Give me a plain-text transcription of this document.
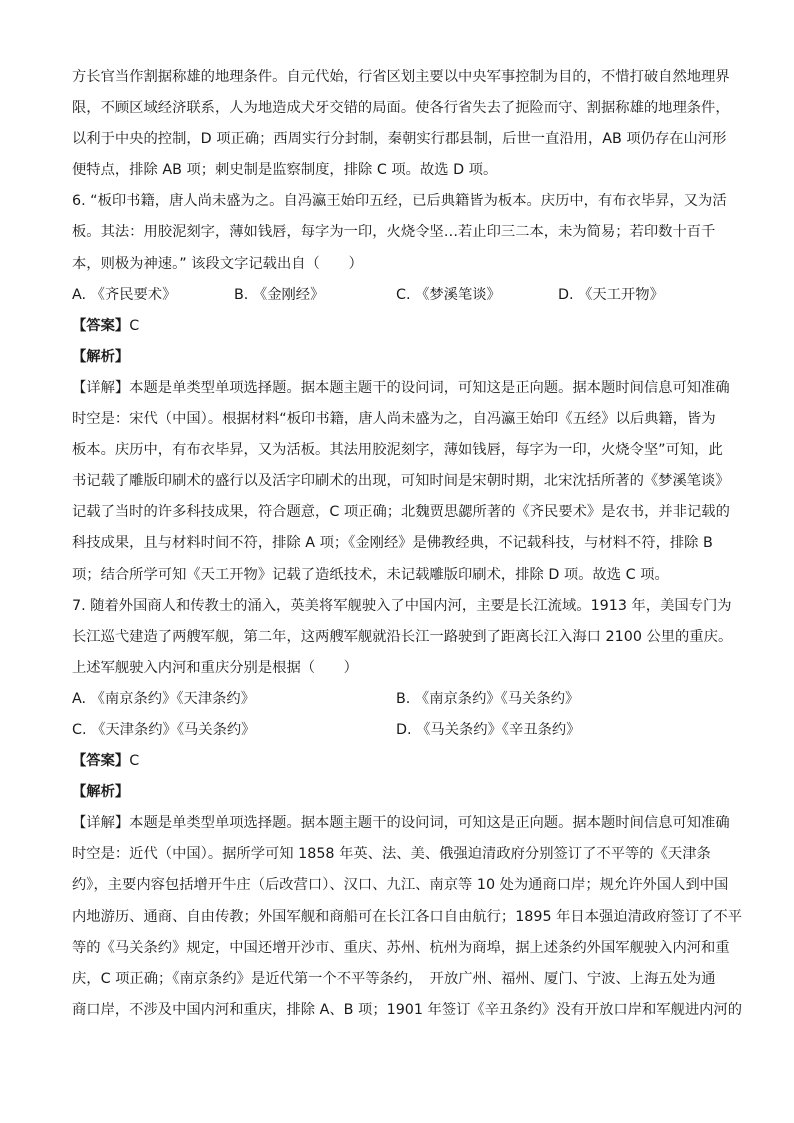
方长官当作割据称雄的地理条件。自元代始，行省区划主要以中央军事控制为目的，不惜打破自然地理界
限，不顾区域经济联系，人为地造成犬牙交错的局面。使各行省失去了扼险而守、割据称雄的地理条件，
以利于中央的控制，D 项正确；西周实行分封制，秦朝实行郡县制，后世一直沿用，AB 项仍存在山河形
便特点，排除 AB 项；刺史制是监察制度，排除 C 项。故选 D 项。
6. “板印书籍，唐人尚未盛为之。自冯瀛王始印五经，已后典籍皆为板本。庆历中，有布衣毕昇，又为活
板。其法：用胶泥刻字，薄如钱唇，每字为一印，火烧令坚…若止印三二本，未为简易；若印数十百千
本，则极为神速。” 该段文字记载出自（　　）
A. 《齐民要术》	B. 《金刚经》	C. 《梦溪笔谈》	D. 《天工开物》
【答案】C
【解析】
【详解】本题是单类型单项选择题。据本题主题干的设问词，可知这是正向题。据本题时间信息可知准确
时空是：宋代（中国）。根据材料“板印书籍，唐人尚未盛为之，自冯瀛王始印《五经》以后典籍，皆为
板本。庆历中，有布衣毕昇，又为活板。其法用胶泥刻字，薄如钱唇，每字为一印，火烧令坚”可知，此
书记载了雕版印刷术的盛行以及活字印刷术的出现，可知时间是宋朝时期，北宋沈括所著的《梦溪笔谈》
记载了当时的许多科技成果，符合题意，C 项正确；北魏贾思勰所著的《齐民要术》是农书，并非记载的
科技成果，且与材料时间不符，排除 A 项；《金刚经》是佛教经典，不记载科技，与材料不符，排除 B
项；结合所学可知《天工开物》记载了造纸技术，未记载雕版印刷术，排除 D 项。故选 C 项。
7. 随着外国商人和传教士的涌入，英美将军舰驶入了中国内河，主要是长江流域。1913 年，美国专门为
长江巡弋建造了两艘军舰，第二年，这两艘军舰就沿长江一路驶到了距离长江入海口 2100 公里的重庆。
上述军舰驶入内河和重庆分别是根据（　　）
A. 《南京条约》《天津条约》	B. 《南京条约》《马关条约》
C. 《天津条约》《马关条约》	D. 《马关条约》《辛丑条约》
【答案】C
【解析】
【详解】本题是单类型单项选择题。据本题主题干的设问词，可知这是正向题。据本题时间信息可知准确
时空是：近代（中国）。据所学可知 1858 年英、法、美、俄强迫清政府分别签订了不平等的《天津条
约》，主要内容包括增开牛庄（后改营口）、汉口、九江、南京等 10 处为通商口岸；规允许外国人到中国
内地游历、通商、自由传教；外国军舰和商船可在长江各口自由航行；1895 年日本强迫清政府签订了不平
等的《马关条约》规定，中国还增开沙市、重庆、苏州、杭州为商埠，据上述条约外国军舰驶入内河和重
庆，C 项正确；《南京条约》是近代第一个不平等条约，　开放广州、福州、厦门、宁波、上海五处为通
商口岸，不涉及中国内河和重庆，排除 A、B 项；1901 年签订《辛丑条约》没有开放口岸和军舰进内河的
